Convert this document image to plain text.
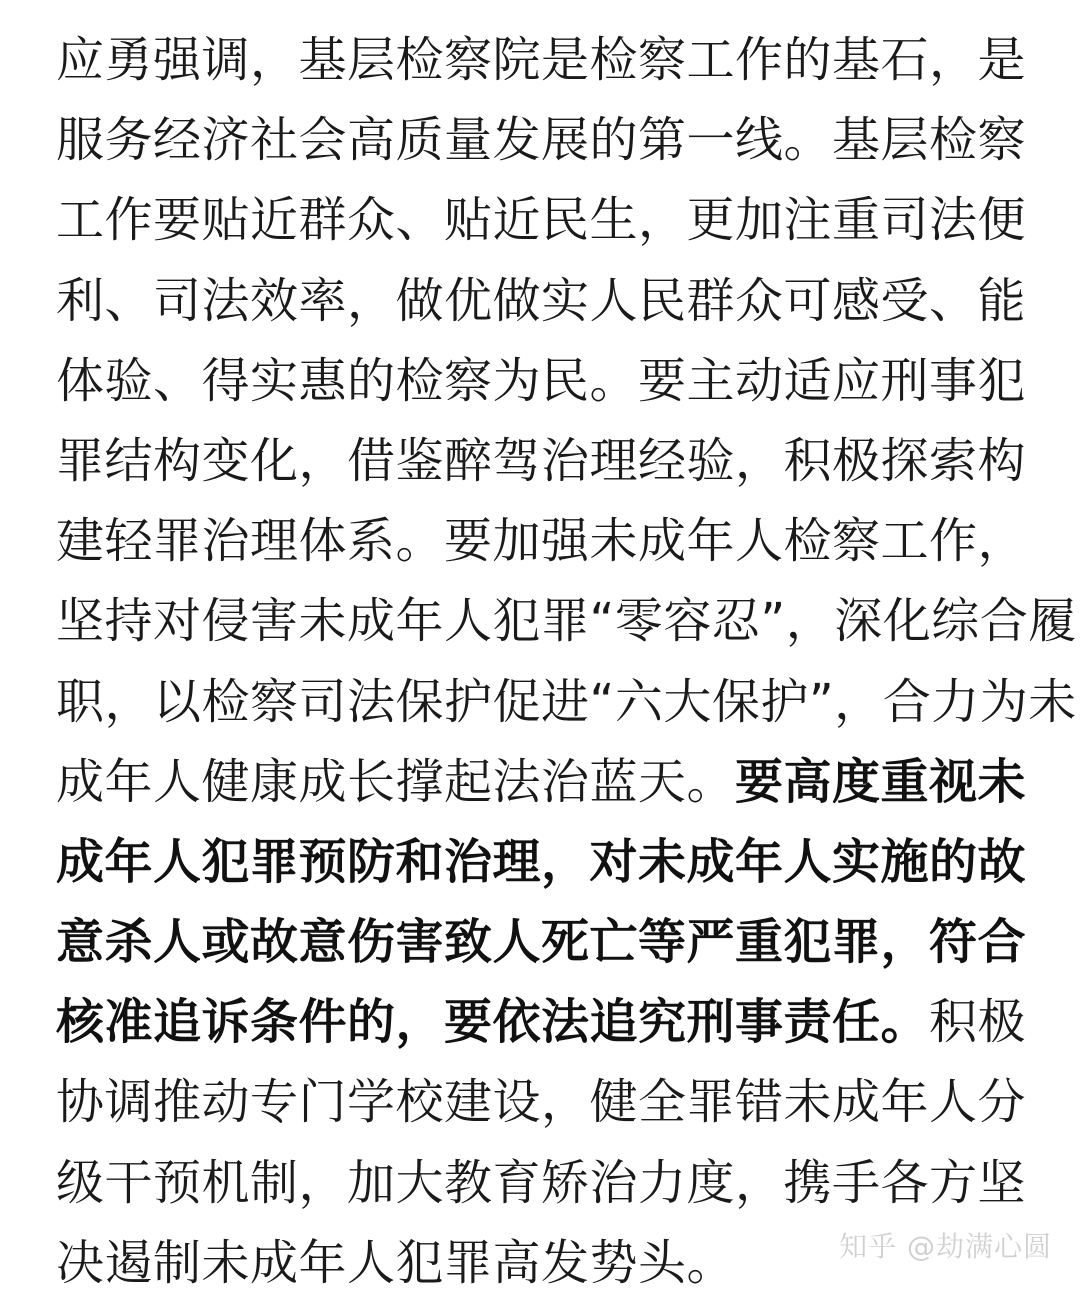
应勇强调，基层检察院是检察工作的基石，是
服务经济社会高质量发展的第一线。基层检察
工作要贴近群众、贴近民生，更加注重司法便
利、司法效率，做优做实人民群众可感受、能
体验、得实惠的检察为民。要主动适应刑事犯
罪结构变化，借鉴醉驾治理经验，积极探索构
建轻罪治理体系。要加强未成年人检察工作，
坚持对侵害未成年人犯罪“零容忍”，深化综合履
职，以检察司法保护促进“六大保护”，合力为未
成年人健康成长撑起法治蓝天。要高度重视未
成年人犯罪预防和治理，对未成年人实施的故
意杀人或故意伤害致人死亡等严重犯罪，符合
核准追诉条件的，要依法追究刑事责任。积极
协调推动专门学校建设，健全罪错未成年人分
级干预机制，加大教育矫治力度，携手各方坚
决遏制未成年人犯罪高发势头。	知乎 @劫满心圆
